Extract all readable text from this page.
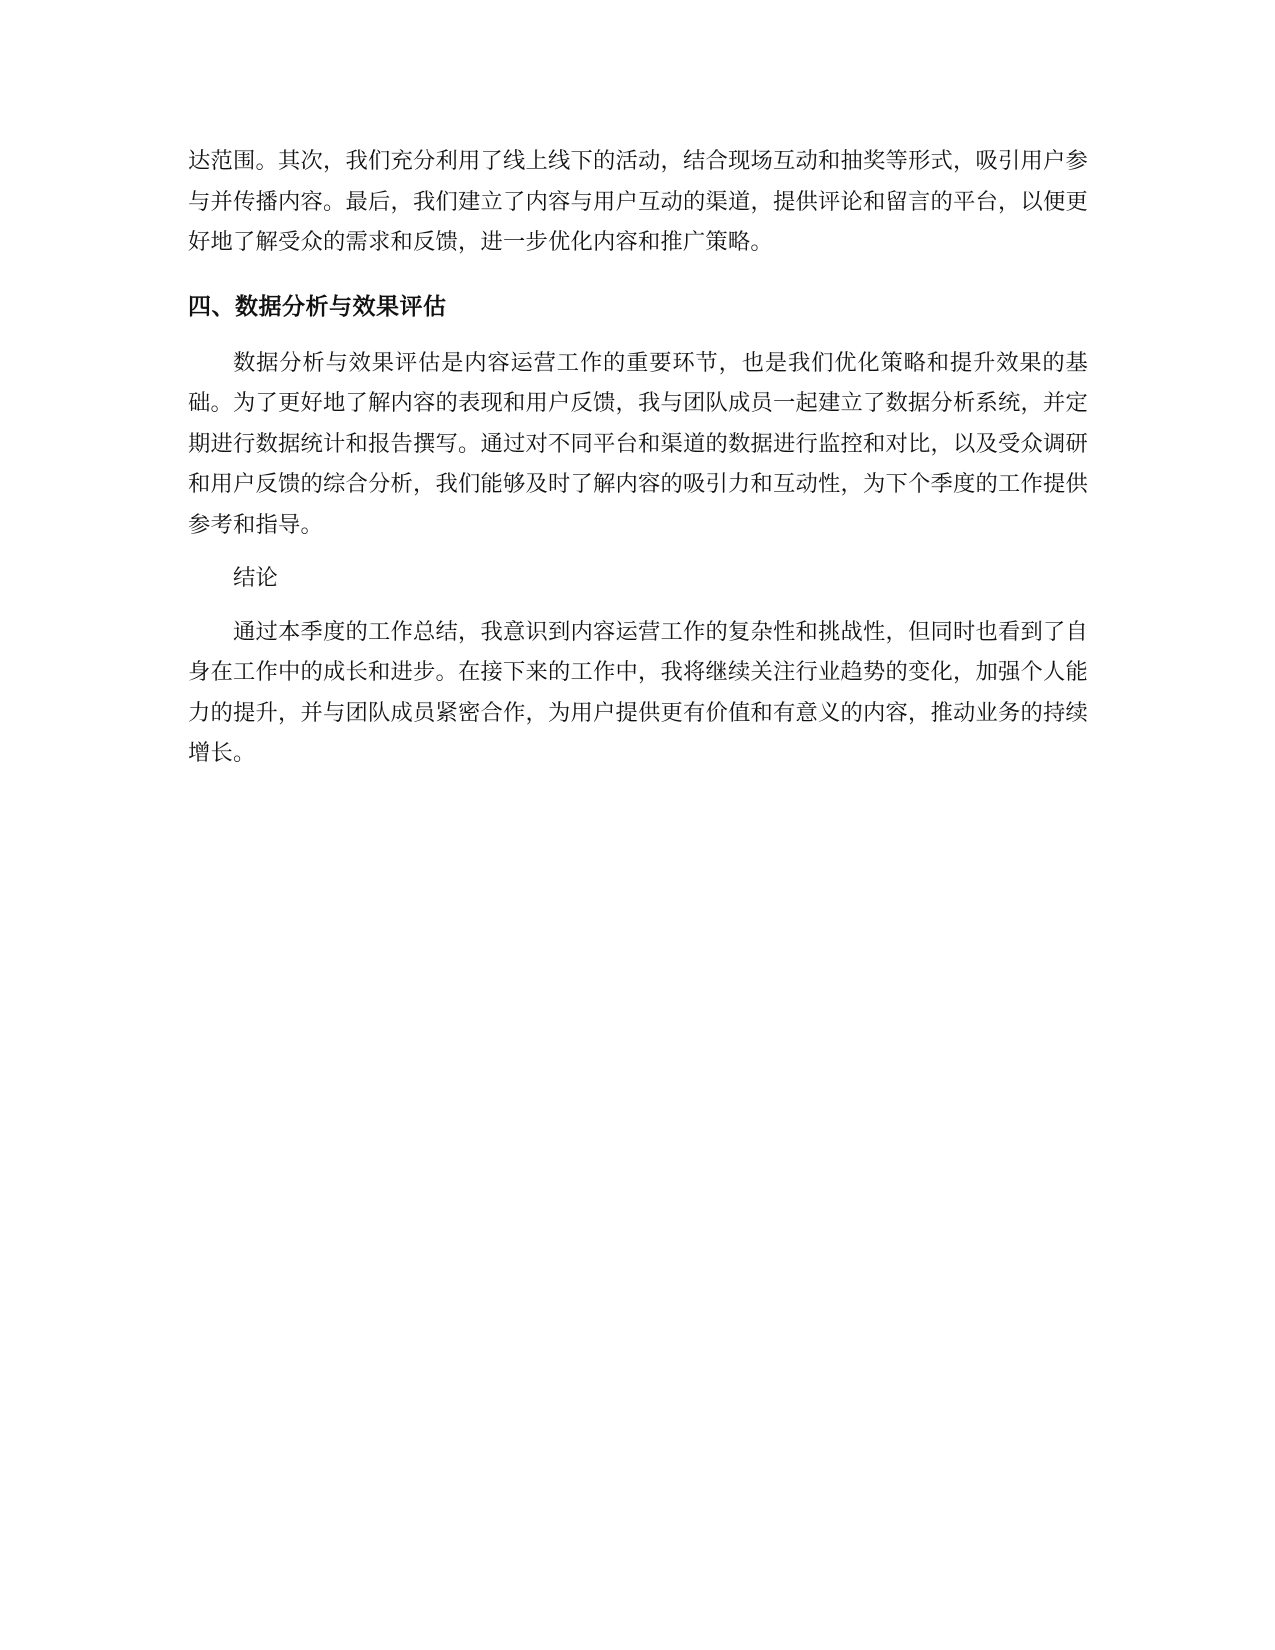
达范围。其次，我们充分利用了线上线下的活动，结合现场互动和抽奖等形式，吸引用户参与并传播内容。最后，我们建立了内容与用户互动的渠道，提供评论和留言的平台，以便更好地了解受众的需求和反馈，进一步优化内容和推广策略。

四、数据分析与效果评估

数据分析与效果评估是内容运营工作的重要环节，也是我们优化策略和提升效果的基础。为了更好地了解内容的表现和用户反馈，我与团队成员一起建立了数据分析系统，并定期进行数据统计和报告撰写。通过对不同平台和渠道的数据进行监控和对比，以及受众调研和用户反馈的综合分析，我们能够及时了解内容的吸引力和互动性，为下个季度的工作提供参考和指导。

结论

通过本季度的工作总结，我意识到内容运营工作的复杂性和挑战性，但同时也看到了自身在工作中的成长和进步。在接下来的工作中，我将继续关注行业趋势的变化，加强个人能力的提升，并与团队成员紧密合作，为用户提供更有价值和有意义的内容，推动业务的持续增长。
